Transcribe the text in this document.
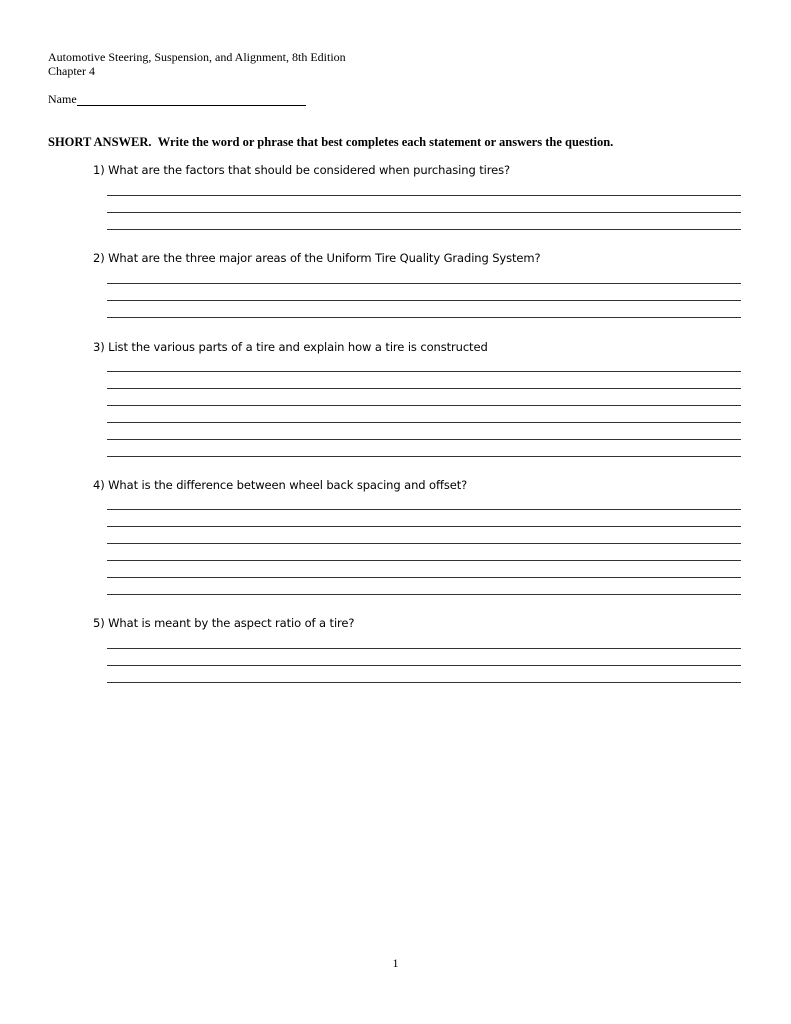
Automotive Steering, Suspension, and Alignment, 8th Edition
Chapter 4
Name
SHORT ANSWER. Write the word or phrase that best completes each statement or answers the question.
1) What are the factors that should be considered when purchasing tires?
2) What are the three major areas of the Uniform Tire Quality Grading System?
3) List the various parts of a tire and explain how a tire is constructed
4) What is the difference between wheel back spacing and offset?
5) What is meant by the aspect ratio of a tire?
1
